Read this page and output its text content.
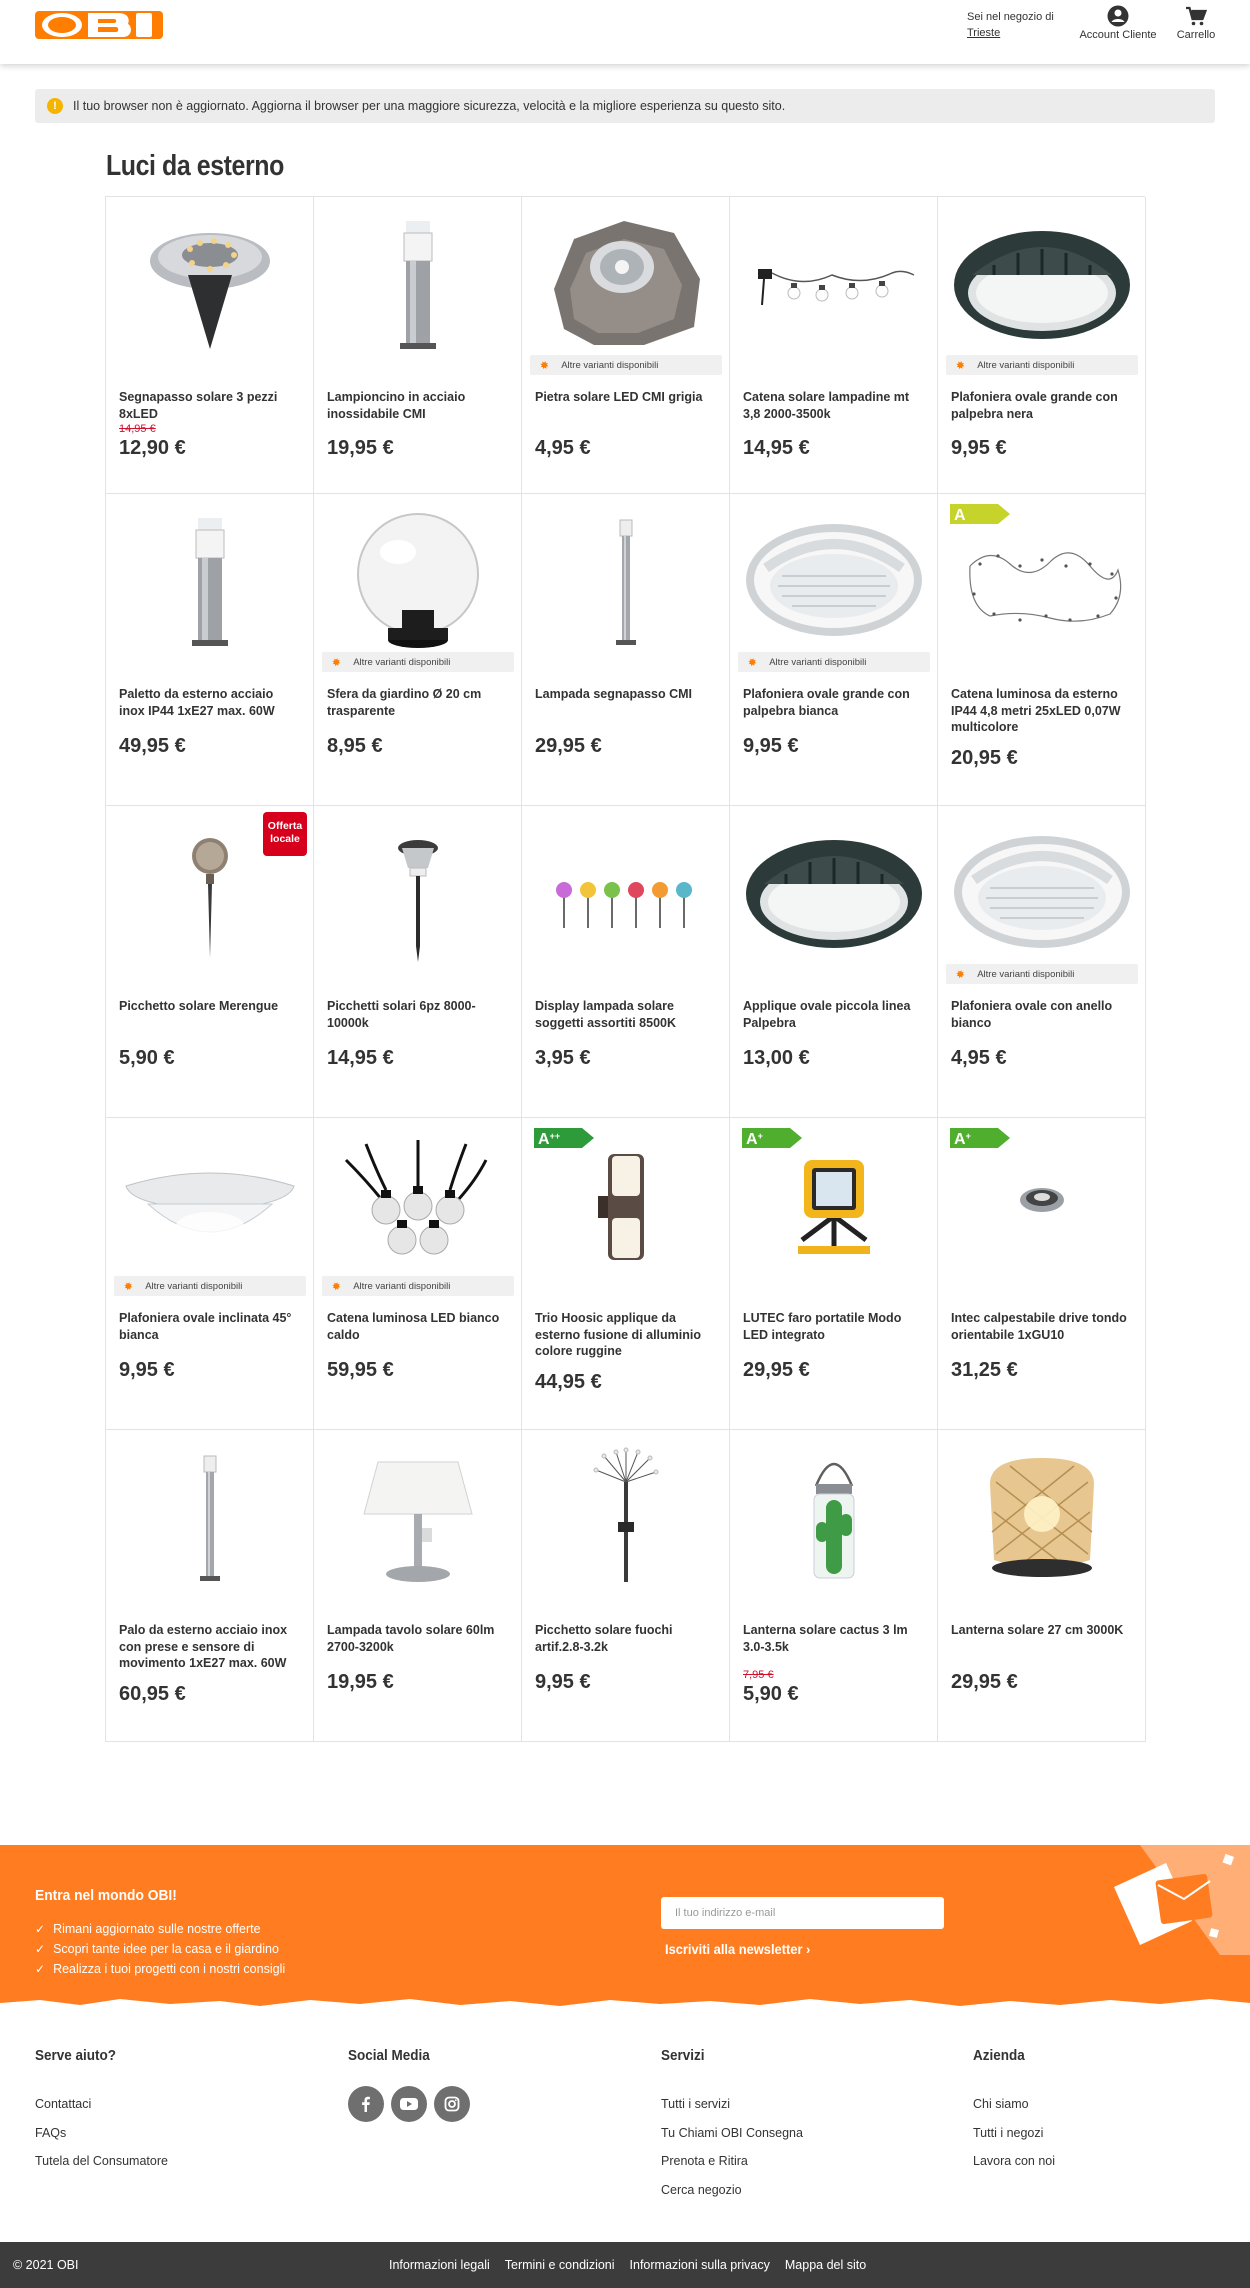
Sei nel negozio di
Trieste	Account Cliente Carrello
!	Il tuo browser non è aggiornato. Aggiorna il browser per una maggiore sicurezza, velocità e la migliore esperienza su questo sito.
Luci da esterno
Segnapasso solare 3 pezzi 8xLED
14,95 €
12,90 €
Lampioncino in acciaio inossidabile CMI
19,95 €
✸ Altre varianti disponibili
Pietra solare LED CMI grigia
4,95 €
Catena solare lampadine mt 3,8 2000-3500k
14,95 €
✸ Altre varianti disponibili
Plafoniera ovale grande con palpebra nera
9,95 €
Paletto da esterno acciaio inox IP44 1xE27 max. 60W
49,95 €
✸ Altre varianti disponibili
Sfera da giardino Ø 20 cm trasparente
8,95 €
Lampada segnapasso CMI
29,95 €
✸ Altre varianti disponibili
Plafoniera ovale grande con palpebra bianca
9,95 €
A
Catena luminosa da esterno IP44 4,8 metri 25xLED 0,07W multicolore
20,95 €
Offerta
locale
Picchetto solare Merengue
5,90 €
Picchetti solari 6pz 8000-10000k
14,95 €
Display lampada solare soggetti assortiti 8500K
3,95 €
Applique ovale piccola linea Palpebra
13,00 €
✸ Altre varianti disponibili
Plafoniera ovale con anello bianco
4,95 €
✸ Altre varianti disponibili
Plafoniera ovale inclinata 45° bianca
9,95 €
✸ Altre varianti disponibili
Catena luminosa LED bianco caldo
59,95 €
A++
Trio Hoosic applique da esterno fusione di alluminio colore ruggine
44,95 €
A+
LUTEC faro portatile Modo LED integrato
29,95 €
A+
Intec calpestabile drive tondo orientabile 1xGU10
31,25 €
Palo da esterno acciaio inox con prese e sensore di movimento 1xE27 max. 60W
60,95 €
Lampada tavolo solare 60lm 2700-3200k
19,95 €
Picchetto solare fuochi artif.2.8-3.2k
9,95 €
Lanterna solare cactus 3 lm 3.0-3.5k
7,95 €
5,90 €
Lanterna solare 27 cm 3000K
29,95 €
Entra nel mondo OBI!
✓ Rimani aggiornato sulle nostre offerte
✓ Scopri tante idee per la casa e il giardino
✓ Realizza i tuoi progetti con i nostri consigli
Il tuo indirizzo e-mail
Iscriviti alla newsletter ›
Serve aiuto?
Contattaci
FAQs
Tutela del Consumatore
Social Media	Servizi
Tutti i servizi
Tu Chiami OBI Consegna
Prenota e Ritira
Cerca negozio
Azienda
Chi siamo
Tutti i negozi
Lavora con noi
© 2021 OBI	Informazioni legali Termini e condizioni Informazioni sulla privacy Mappa del sito
